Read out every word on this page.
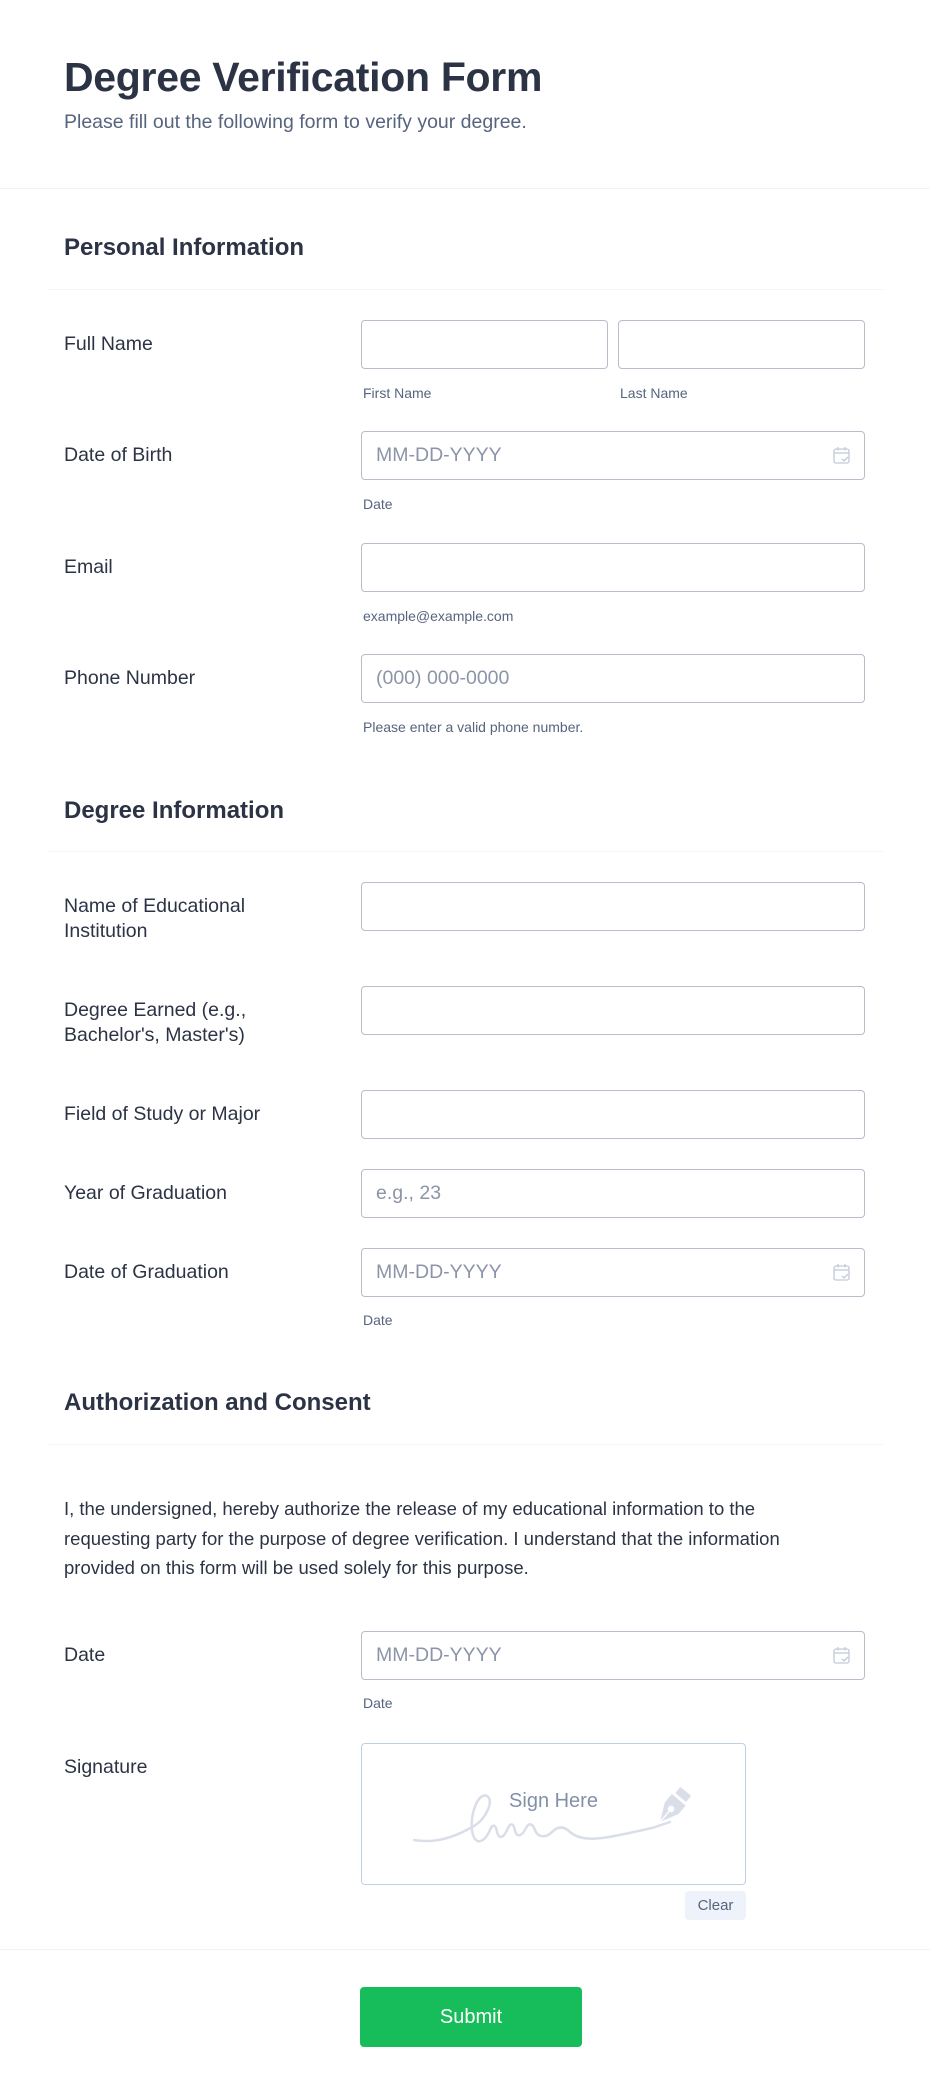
Degree Verification Form

Please fill out the following form to verify your degree.

Personal Information
Full Name
First Name	Last Name
Date of Birth
MM-DD-YYYY
Date
Email
example@example.com
Phone Number
(000) 000-0000
Please enter a valid phone number.
Degree Information
Name of Educational
Institution
Degree Earned (e.g.,
Bachelor's, Master's)
Field of Study or Major
Year of Graduation
e.g., 23
Date of Graduation
MM-DD-YYYY
Date
Authorization and Consent
I, the undersigned, hereby authorize the release of my educational information to the
requesting party for the purpose of degree verification. I understand that the information
provided on this form will be used solely for this purpose.
Date
MM-DD-YYYY
Date
Signature
Sign Here
Clear
Submit
